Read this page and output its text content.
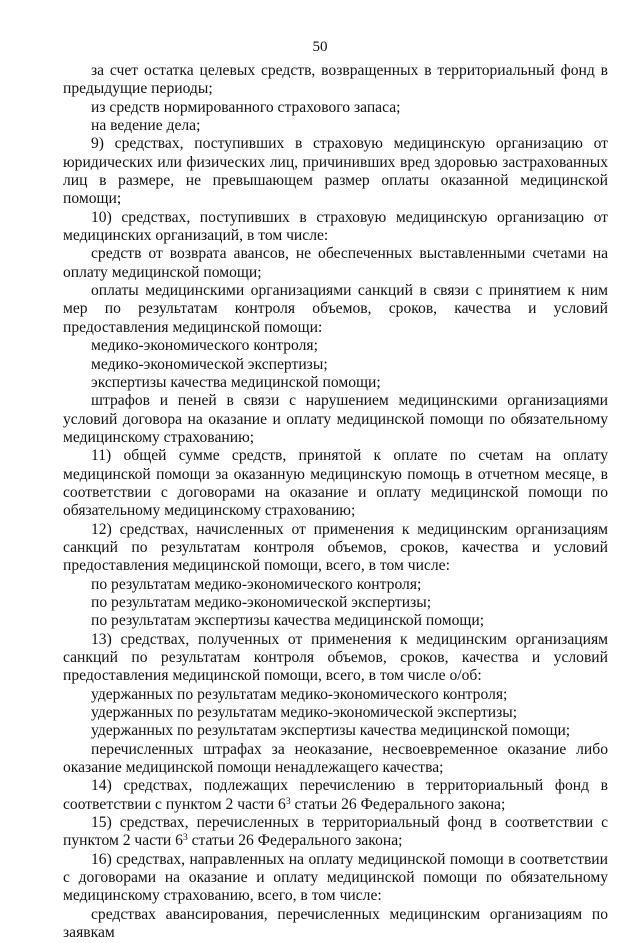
50

за счет остатка целевых средств, возвращенных в территориальный фонд в предыдущие периоды;

из средств нормированного страхового запаса;

на ведение дела;

9) средствах, поступивших в страховую медицинскую организацию от юридических или физических лиц, причинивших вред здоровью застрахованных лиц в размере, не превышающем размер оплаты оказанной медицинской помощи;

10) средствах, поступивших в страховую медицинскую организацию от медицинских организаций, в том числе:

средств от возврата авансов, не обеспеченных выставленными счетами на оплату медицинской помощи;

оплаты медицинскими организациями санкций в связи с принятием к ним мер по результатам контроля объемов, сроков, качества и условий предоставления медицинской помощи:

медико-экономического контроля;

медико-экономической экспертизы;

экспертизы качества медицинской помощи;

штрафов и пеней в связи с нарушением медицинскими организациями условий договора на оказание и оплату медицинской помощи по обязательному медицинскому страхованию;

11) общей сумме средств, принятой к оплате по счетам на оплату медицинской помощи за оказанную медицинскую помощь в отчетном месяце, в соответствии с договорами на оказание и оплату медицинской помощи по обязательному медицинскому страхованию;

12) средствах, начисленных от применения к медицинским организациям санкций по результатам контроля объемов, сроков, качества и условий предоставления медицинской помощи, всего, в том числе:

по результатам медико-экономического контроля;

по результатам медико-экономической экспертизы;

по результатам экспертизы качества медицинской помощи;

13) средствах, полученных от применения к медицинским организациям санкций по результатам контроля объемов, сроков, качества и условий предоставления медицинской помощи, всего, в том числе о/об:

удержанных по результатам медико-экономического контроля;

удержанных по результатам медико-экономической экспертизы;

удержанных по результатам экспертизы качества медицинской помощи;

перечисленных штрафах за неоказание, несвоевременное оказание либо оказание медицинской помощи ненадлежащего качества;

14) средствах, подлежащих перечислению в территориальный фонд в соответствии с пунктом 2 части $6^3$ статьи 26 Федерального закона;

15) средствах, перечисленных в территориальный фонд в соответствии с пунктом 2 части $6^3$ статьи 26 Федерального закона;

16) средствах, направленных на оплату медицинской помощи в соответствии с договорами на оказание и оплату медицинской помощи по обязательному медицинскому страхованию, всего, в том числе:

средствах авансирования, перечисленных медицинским организациям по заявкам
